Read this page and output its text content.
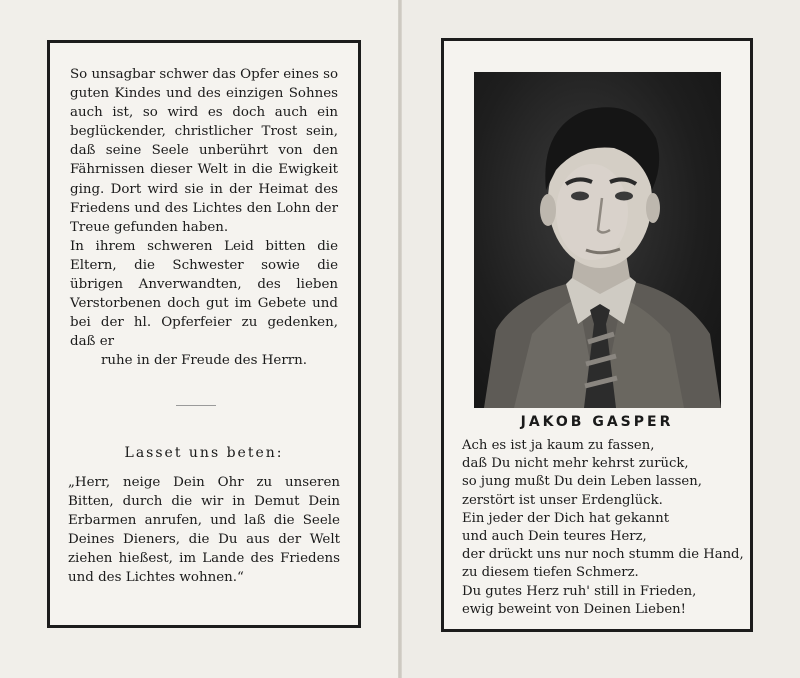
So unsagbar schwer das Opfer eines so guten Kindes und des einzigen Sohnes auch ist, so wird es doch auch ein beglückender, christlicher Trost sein, daß seine Seele unberührt von den Fährnissen dieser Welt in die Ewigkeit ging. Dort wird sie in der Heimat des Friedens und des Lichtes den Lohn der Treue gefunden haben.

In ihrem schweren Leid bitten die Eltern, die Schwester sowie die übrigen Anverwandten, des lieben Verstorbenen doch gut im Gebete und bei der hl. Opferfeier zu gedenken, daß er

ruhe in der Freude des Herrn.

Lasset uns beten:

„Herr, neige Dein Ohr zu unseren Bitten, durch die wir in Demut Dein Erbarmen anrufen, und laß die Seele Deines Dieners, die Du aus der Welt ziehen hießest, im Lande des Friedens und des Lichtes wohnen.“

JAKOB GASPER
Ach es ist ja kaum zu fassen,
daß Du nicht mehr kehrst zurück,
so jung mußt Du dein Leben lassen,
zerstört ist unser Erdenglück.
Ein jeder der Dich hat gekannt
und auch Dein teures Herz,
der drückt uns nur noch stumm die Hand,
zu diesem tiefen Schmerz.
Du gutes Herz ruh' still in Frieden,
ewig beweint von Deinen Lieben!
